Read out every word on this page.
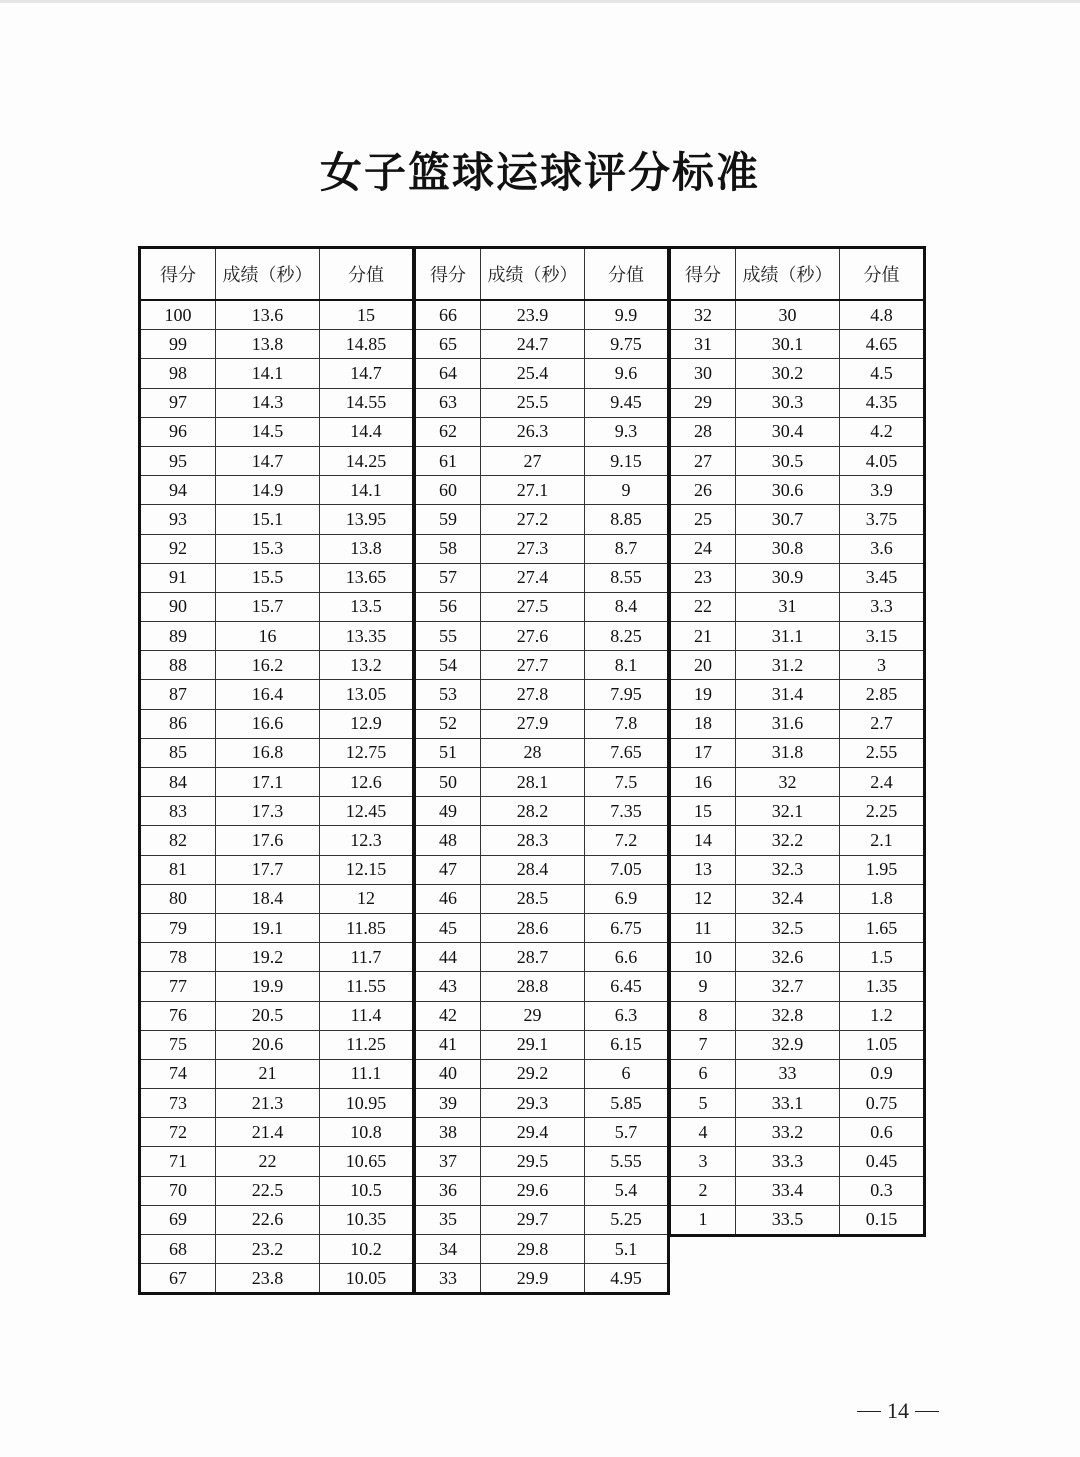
女子篮球运球评分标准
得分	成绩（秒）	分值
100	13.6	15
99	13.8	14.85
98	14.1	14.7
97	14.3	14.55
96	14.5	14.4
95	14.7	14.25
94	14.9	14.1
93	15.1	13.95
92	15.3	13.8
91	15.5	13.65
90	15.7	13.5
89	16	13.35
88	16.2	13.2
87	16.4	13.05
86	16.6	12.9
85	16.8	12.75
84	17.1	12.6
83	17.3	12.45
82	17.6	12.3
81	17.7	12.15
80	18.4	12
79	19.1	11.85
78	19.2	11.7
77	19.9	11.55
76	20.5	11.4
75	20.6	11.25
74	21	11.1
73	21.3	10.95
72	21.4	10.8
71	22	10.65
70	22.5	10.5
69	22.6	10.35
68	23.2	10.2
67	23.8	10.05
得分	成绩（秒）	分值
66	23.9	9.9
65	24.7	9.75
64	25.4	9.6
63	25.5	9.45
62	26.3	9.3
61	27	9.15
60	27.1	9
59	27.2	8.85
58	27.3	8.7
57	27.4	8.55
56	27.5	8.4
55	27.6	8.25
54	27.7	8.1
53	27.8	7.95
52	27.9	7.8
51	28	7.65
50	28.1	7.5
49	28.2	7.35
48	28.3	7.2
47	28.4	7.05
46	28.5	6.9
45	28.6	6.75
44	28.7	6.6
43	28.8	6.45
42	29	6.3
41	29.1	6.15
40	29.2	6
39	29.3	5.85
38	29.4	5.7
37	29.5	5.55
36	29.6	5.4
35	29.7	5.25
34	29.8	5.1
33	29.9	4.95
得分	成绩（秒）	分值
32	30	4.8
31	30.1	4.65
30	30.2	4.5
29	30.3	4.35
28	30.4	4.2
27	30.5	4.05
26	30.6	3.9
25	30.7	3.75
24	30.8	3.6
23	30.9	3.45
22	31	3.3
21	31.1	3.15
20	31.2	3
19	31.4	2.85
18	31.6	2.7
17	31.8	2.55
16	32	2.4
15	32.1	2.25
14	32.2	2.1
13	32.3	1.95
12	32.4	1.8
11	32.5	1.65
10	32.6	1.5
9	32.7	1.35
8	32.8	1.2
7	32.9	1.05
6	33	0.9
5	33.1	0.75
4	33.2	0.6
3	33.3	0.45
2	33.4	0.3
1	33.5	0.15
14
